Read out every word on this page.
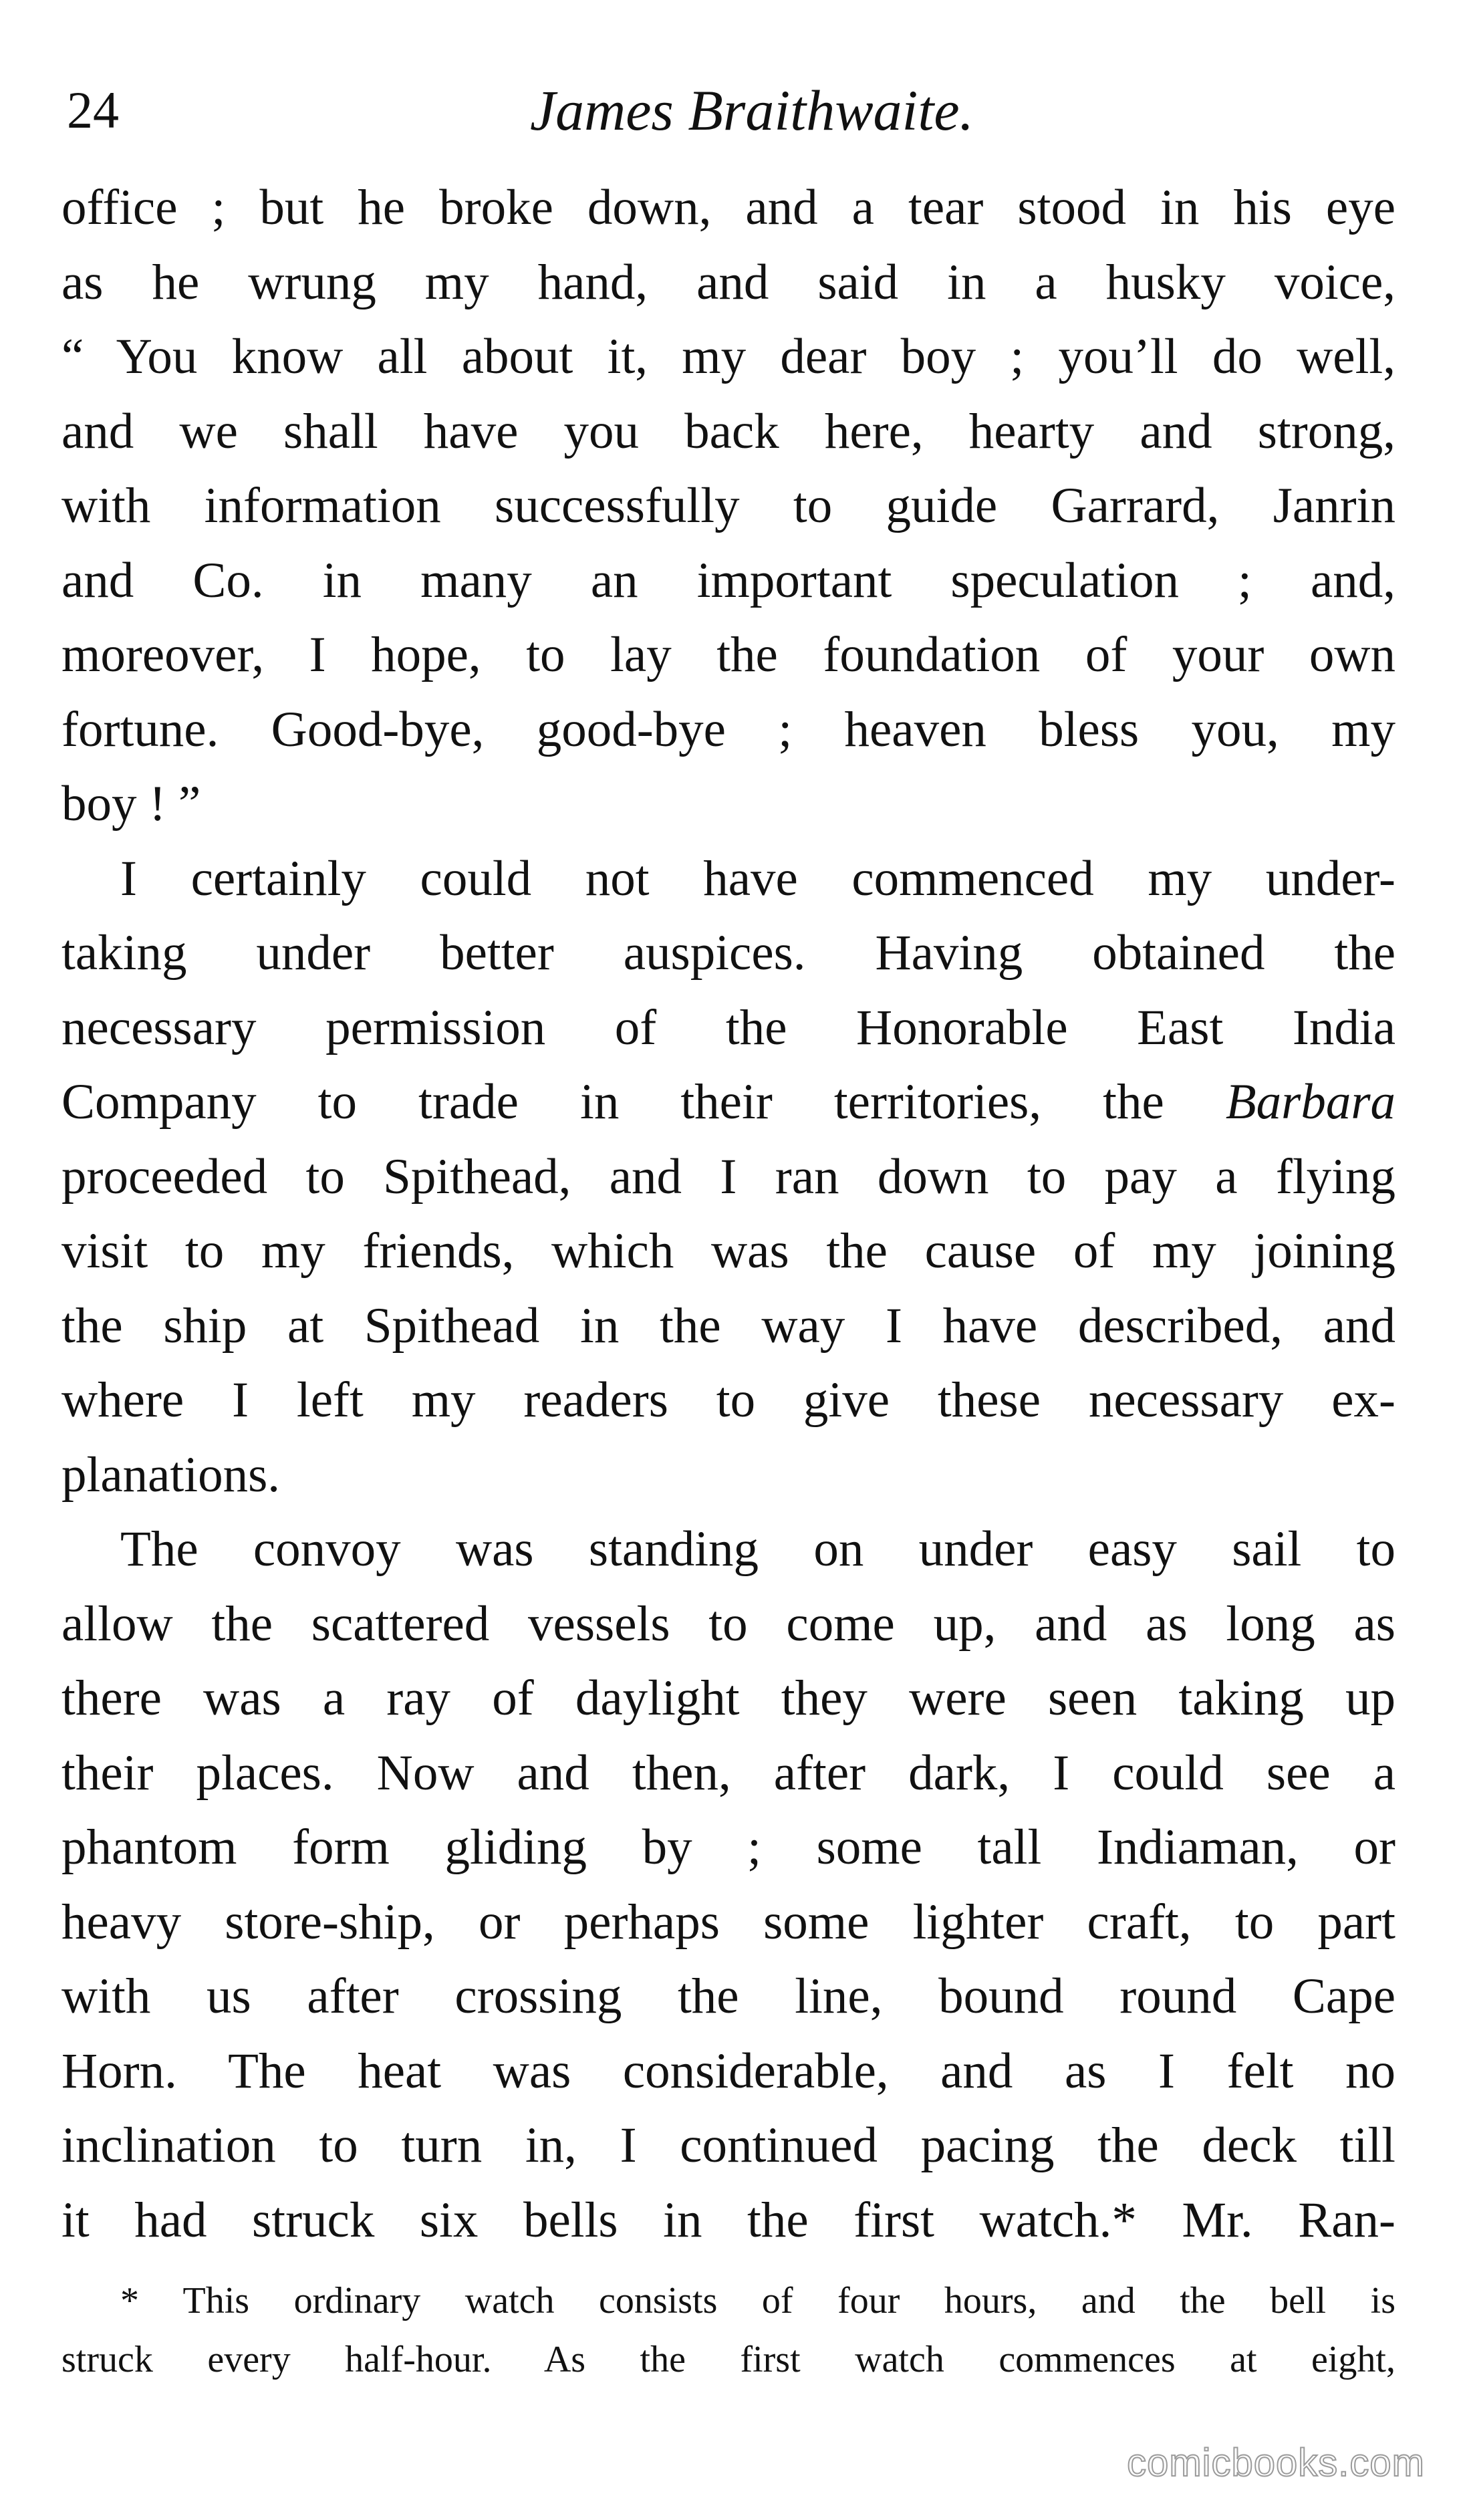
24	James Braithwaite.
office ; but he broke down, and a tear stood in his eye
as he wrung my hand, and said in a husky voice,
“ You know all about it, my dear boy ; you’ll do well,
and we shall have you back here, hearty and strong,
with information successfully to guide Garrard, Janrin
and Co. in many an important speculation ; and,
moreover, I hope, to lay the foundation of your own
fortune. Good-bye, good-bye ; heaven bless you, my
boy ! ”
I certainly could not have commenced my under-
taking under better auspices. Having obtained the
necessary permission of the Honorable East India
Company to trade in their territories, the Barbara
proceeded to Spithead, and I ran down to pay a flying
visit to my friends, which was the cause of my joining
the ship at Spithead in the way I have described, and
where I left my readers to give these necessary ex-
planations.
The convoy was standing on under easy sail to
allow the scattered vessels to come up, and as long as
there was a ray of daylight they were seen taking up
their places. Now and then, after dark, I could see a
phantom form gliding by ; some tall Indiaman, or
heavy store-ship, or perhaps some lighter craft, to part
with us after crossing the line, bound round Cape
Horn. The heat was considerable, and as I felt no
inclination to turn in, I continued pacing the deck till
it had struck six bells in the first watch.* Mr. Ran-
* This ordinary watch consists of four hours, and the bell is
struck every half-hour. As the first watch commences at eight,
comicbooks.com
